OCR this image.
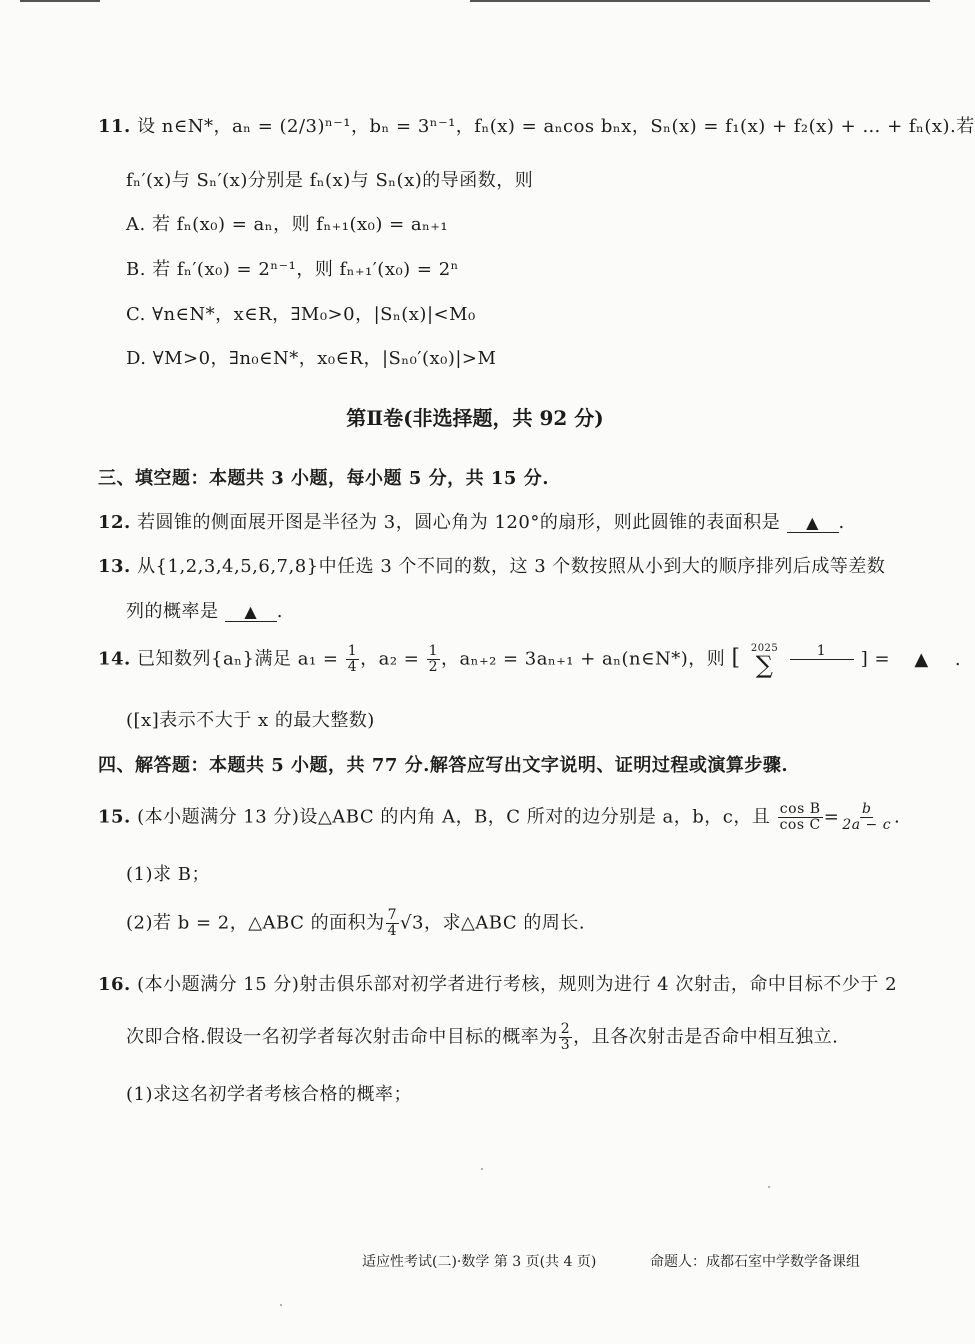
11. 设 n∈N*，aₙ = (2/3)ⁿ⁻¹，bₙ = 3ⁿ⁻¹，fₙ(x) = aₙcos bₙx，Sₙ(x) = f₁(x) + f₂(x) + … + fₙ(x).若
fₙ′(x)与 Sₙ′(x)分别是 fₙ(x)与 Sₙ(x)的导函数，则
A. 若 fₙ(x₀) = aₙ，则 fₙ₊₁(x₀) = aₙ₊₁
B. 若 fₙ′(x₀) = 2ⁿ⁻¹，则 fₙ₊₁′(x₀) = 2ⁿ
C. ∀n∈N*，x∈R，∃M₀>0，|Sₙ(x)|<M₀
D. ∀M>0，∃n₀∈N*，x₀∈R，|Sₙ₀′(x₀)|>M
第Ⅱ卷(非选择题，共 92 分)
三、填空题：本题共 3 小题，每小题 5 分，共 15 分.
12. 若圆锥的侧面展开图是半径为 3，圆心角为 120°的扇形，则此圆锥的表面积是 ▲ .
13. 从{1,2,3,4,5,6,7,8}中任选 3 个不同的数，这 3 个数按照从小到大的顺序排列后成等差数
列的概率是 ▲ .
14. 已知数列{aₙ}满足 $a_1 = \frac{1}{4}$ ，$a_2 = \frac{1}{2}$ ，aₙ₊₂ = 3aₙ₊₁ + aₙ(n∈N*)，则 [ 2025
∑
	1
	] = ▲ .
([x]表示不大于 x 的最大整数)
四、解答题：本题共 5 小题，共 77 分.解答应写出文字说明、证明过程或演算步骤.
15. (本小题满分 13 分)设△ABC 的内角 A，B，C 所对的边分别是 a，b，c，且 $\frac{\text{cos B}}{\text{cos C}} = \frac{b}{2a - c}$ .
(1)求 B；
(2)若 b = 2，△ABC 的面积为 $\frac{7}{4} √3$，求△ABC 的周长.
16. (本小题满分 15 分)射击俱乐部对初学者进行考核，规则为进行 4 次射击，命中目标不少于 2
次即合格.假设一名初学者每次射击命中目标的概率为 $\frac{2}{3}$ ，且各次射击是否命中相互独立.
(1)求这名初学者考核合格的概率；
适应性考试(二)·数学 第 3 页(共 4 页)	命题人：成都石室中学数学备课组
